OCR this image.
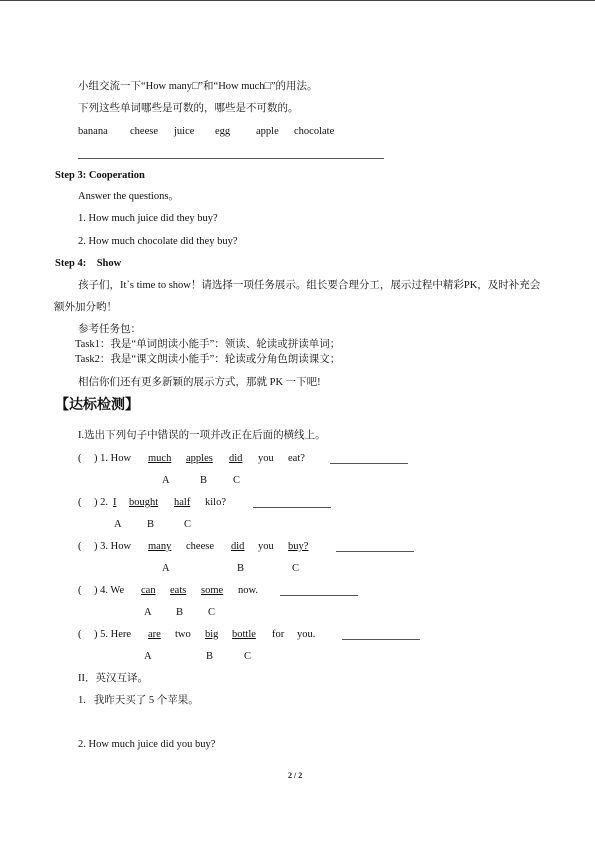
小组交流一下“How many□”和“How much□”的用法。
下列这些单词哪些是可数的，哪些是不可数的。
banana cheese juice egg apple chocolate
Step 3: Cooperation
Answer the questions。
1. How much juice did they buy?
2. How much chocolate did they buy?
Step 4:    Show
孩子们，It᾽s time to show！请选择一项任务展示。组长要合理分工，展示过程中精彩PK，及时补充会额外加分哟！
参考任务包：
Task1：我是“单词朗读小能手”：领读、轮读或拼读单词；
Task2：我是“课文朗读小能手”：轮读或分角色朗读课文；
相信你们还有更多新颖的展示方式，那就 PK 一下吧!
【达标检测】
I.选出下列句子中错误的一项并改正在后面的横线上。
( ) 1. How much apples did you eat?
A	B C
( ) 2. I bought half kilo?
A B	C
( ) 3. How many cheese did you buy?
A	B	C
( ) 4. We can eats some now.
A B C
( ) 5. Here are two big bottle for you.
A	B	C
II．英汉互译。
1.   我昨天买了 5 个苹果。
2. How much juice did you buy?
2 / 2
